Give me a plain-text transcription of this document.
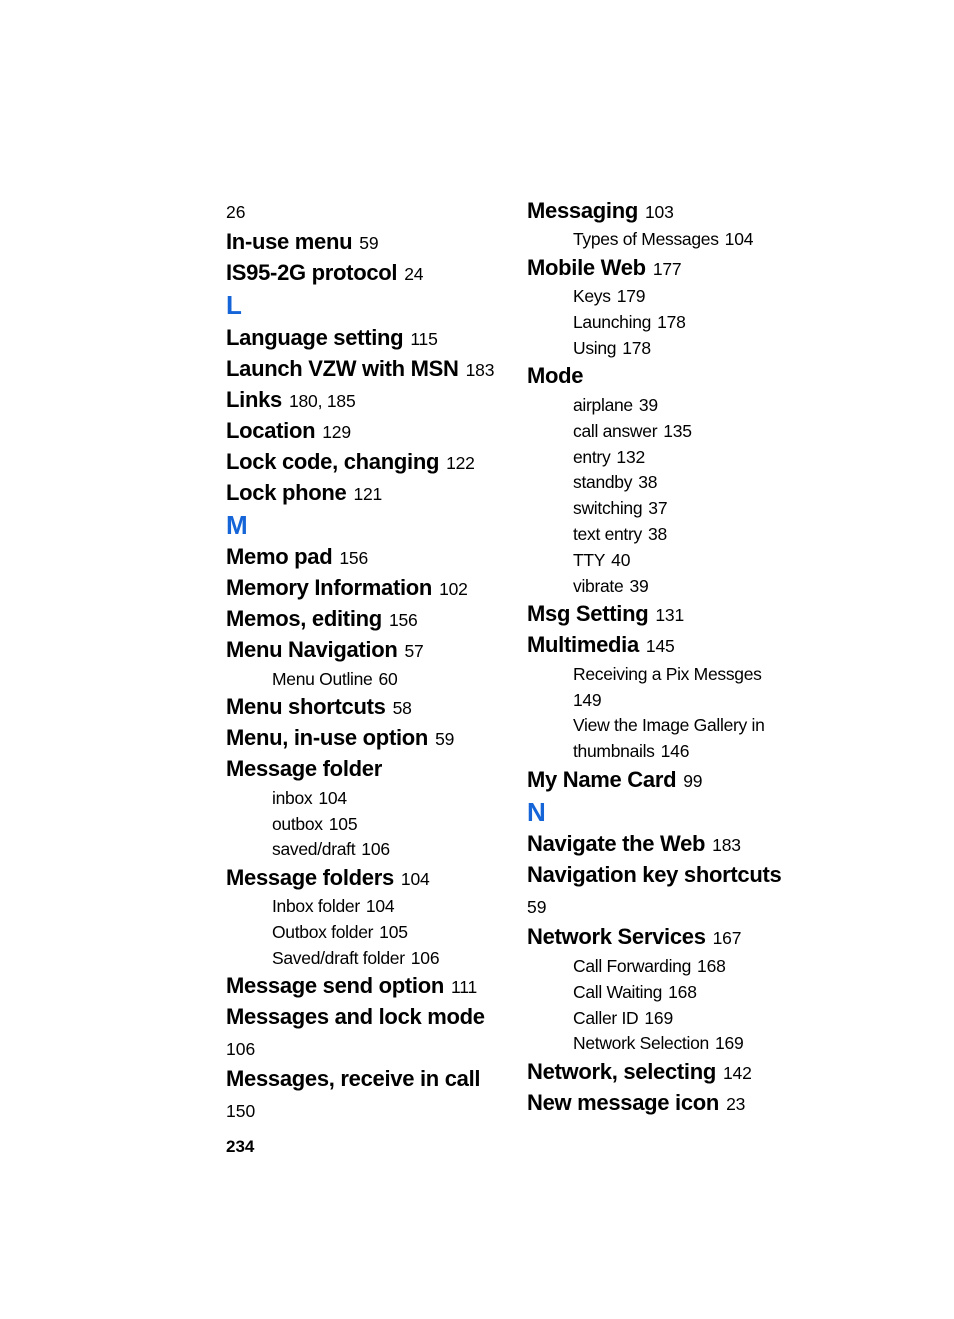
26
In-use menu 59
IS95-2G protocol 24
L
Language setting 115
Launch VZW with MSN 183
Links 180, 185
Location 129
Lock code, changing 122
Lock phone 121
M
Memo pad 156
Memory Information 102
Memos, editing 156
Menu Navigation 57
Menu Outline 60
Menu shortcuts 58
Menu, in-use option 59
Message folder
inbox 104
outbox 105
saved/draft 106
Message folders 104
Inbox folder 104
Outbox folder 105
Saved/draft folder 106
Message send option 111
Messages and lock mode
106
Messages, receive in call
150
234
Messaging 103
Types of Messages 104
Mobile Web 177
Keys 179
Launching 178
Using 178
Mode
airplane 39
call answer 135
entry 132
standby 38
switching 37
text entry 38
TTY 40
vibrate 39
Msg Setting 131
Multimedia 145
Receiving a Pix Messges
149
View the Image Gallery in
thumbnails 146
My Name Card 99
N
Navigate the Web 183
Navigation key shortcuts
59
Network Services 167
Call Forwarding 168
Call Waiting 168
Caller ID 169
Network Selection 169
Network, selecting 142
New message icon 23
